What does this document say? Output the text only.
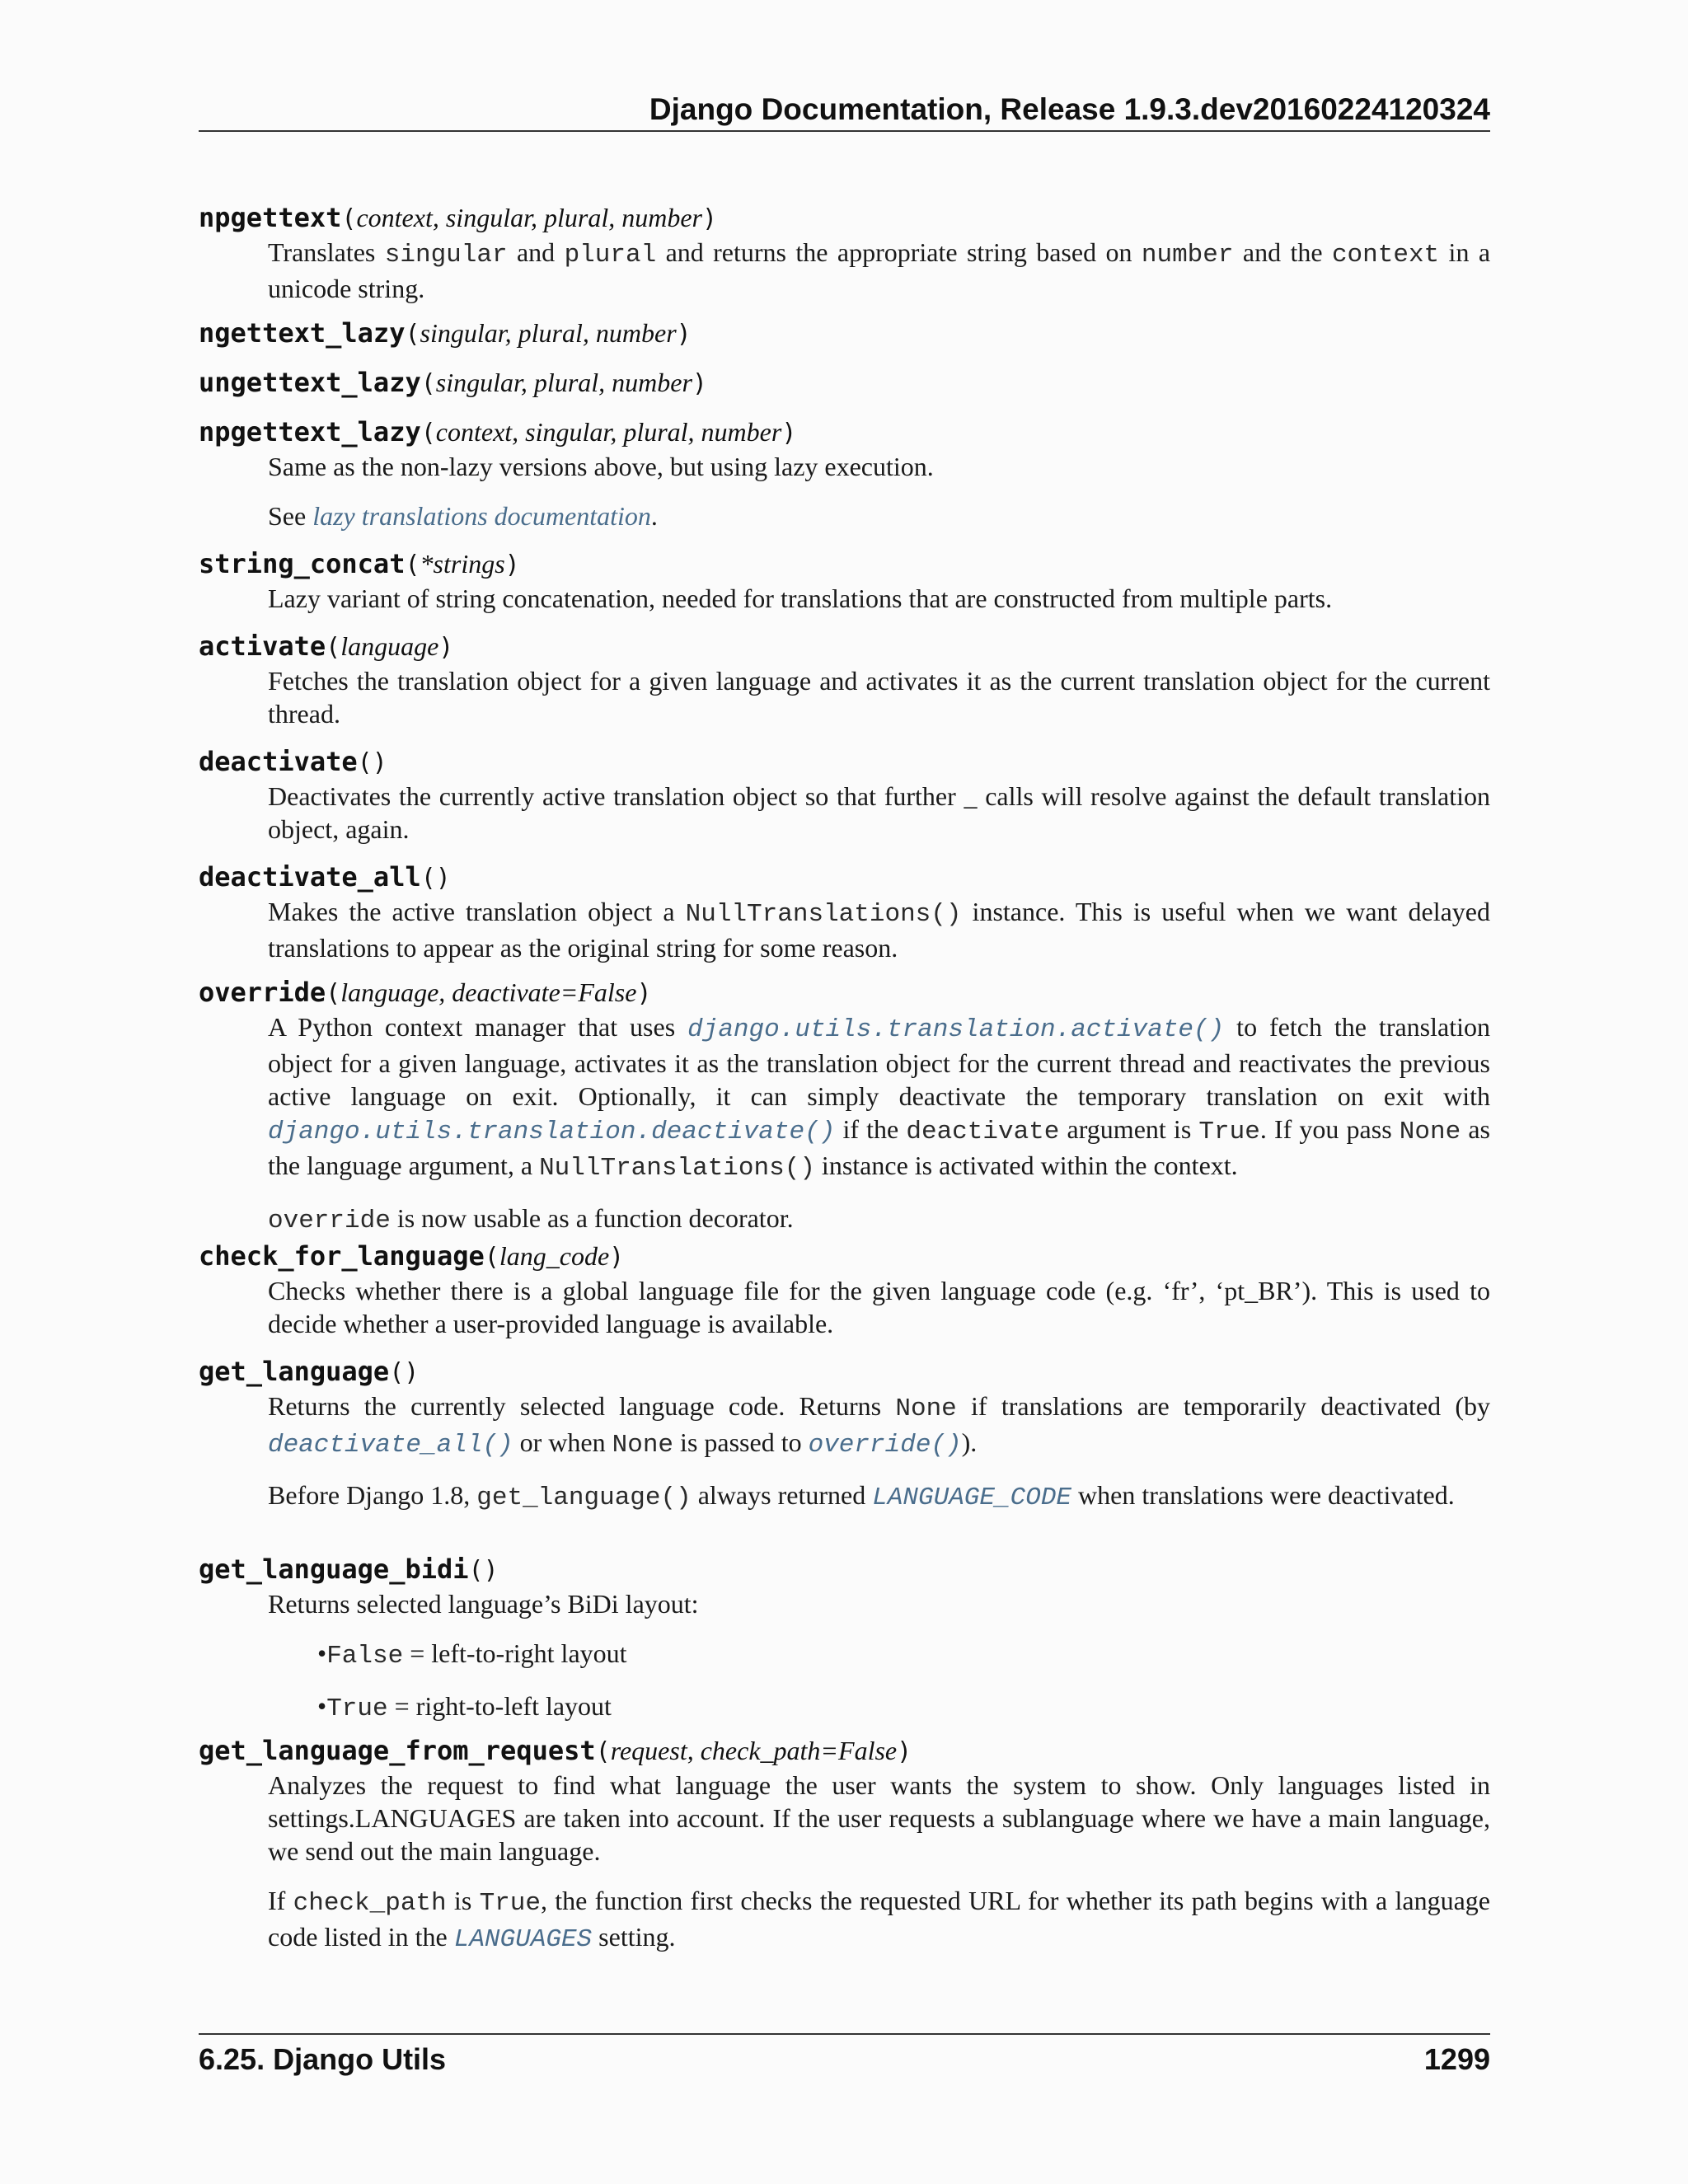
Django Documentation, Release 1.9.3.dev20160224120324
npgettext(context, singular, plural, number)

Translates singular and plural and returns the appropriate string based on number and the context in a unicode string.

ngettext_lazy(singular, plural, number)
ungettext_lazy(singular, plural, number)
npgettext_lazy(context, singular, plural, number)

Same as the non-lazy versions above, but using lazy execution.

See lazy translations documentation.

string_concat(*strings)

Lazy variant of string concatenation, needed for translations that are constructed from multiple parts.

activate(language)

Fetches the translation object for a given language and activates it as the current translation object for the current thread.

deactivate()

Deactivates the currently active translation object so that further _ calls will resolve against the default translation object, again.

deactivate_all()

Makes the active translation object a NullTranslations() instance. This is useful when we want delayed translations to appear as the original string for some reason.

override(language, deactivate=False)

A Python context manager that uses django.utils.translation.activate() to fetch the translation object for a given language, activates it as the translation object for the current thread and reactivates the previous active language on exit. Optionally, it can simply deactivate the temporary translation on exit with django.utils.translation.deactivate() if the deactivate argument is True. If you pass None as the language argument, a NullTranslations() instance is activated within the context.

override is now usable as a function decorator.

check_for_language(lang_code)

Checks whether there is a global language file for the given language code (e.g. ‘fr’, ‘pt_BR’). This is used to decide whether a user-provided language is available.

get_language()

Returns the currently selected language code. Returns None if translations are temporarily deactivated (by deactivate_all() or when None is passed to override()).

Before Django 1.8, get_language() always returned LANGUAGE_CODE when translations were deactivated.

get_language_bidi()

Returns selected language’s BiDi layout:

•False = left-to-right layout
•True = right-to-left layout
get_language_from_request(request, check_path=False)

Analyzes the request to find what language the user wants the system to show. Only languages listed in settings.LANGUAGES are taken into account. If the user requests a sublanguage where we have a main language, we send out the main language.

If check_path is True, the function first checks the requested URL for whether its path begins with a language code listed in the LANGUAGES setting.

6.25. Django Utils	1299
